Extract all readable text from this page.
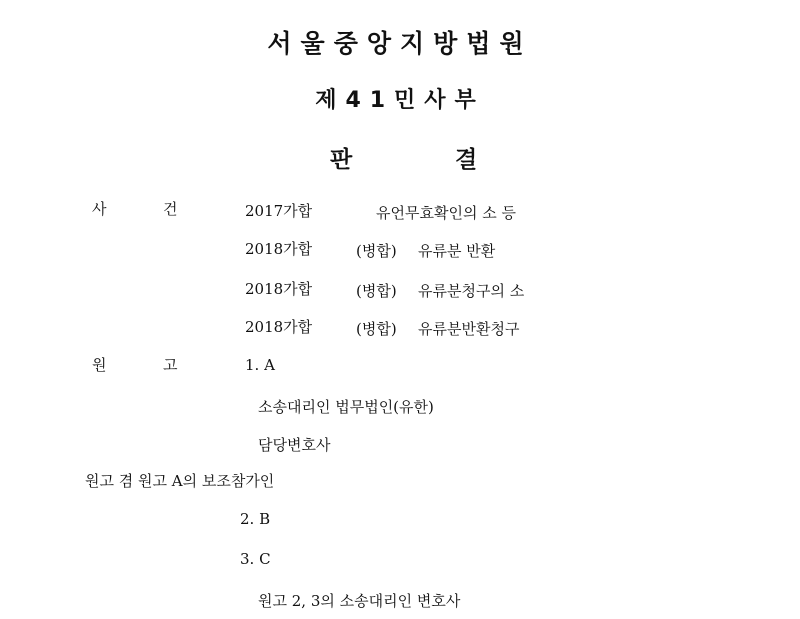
서울중앙지방법원
제41민사부
판	결
사	건	2017가합	유언무효확인의 소 등
2018가합	(병합) 유류분 반환
2018가합	(병합) 유류분청구의 소
2018가합	(병합) 유류분반환청구
원	고	1. A
소송대리인 법무법인(유한)
담당변호사
원고 겸 원고 A의 보조참가인
2. B
3. C
원고 2, 3의 소송대리인 변호사
